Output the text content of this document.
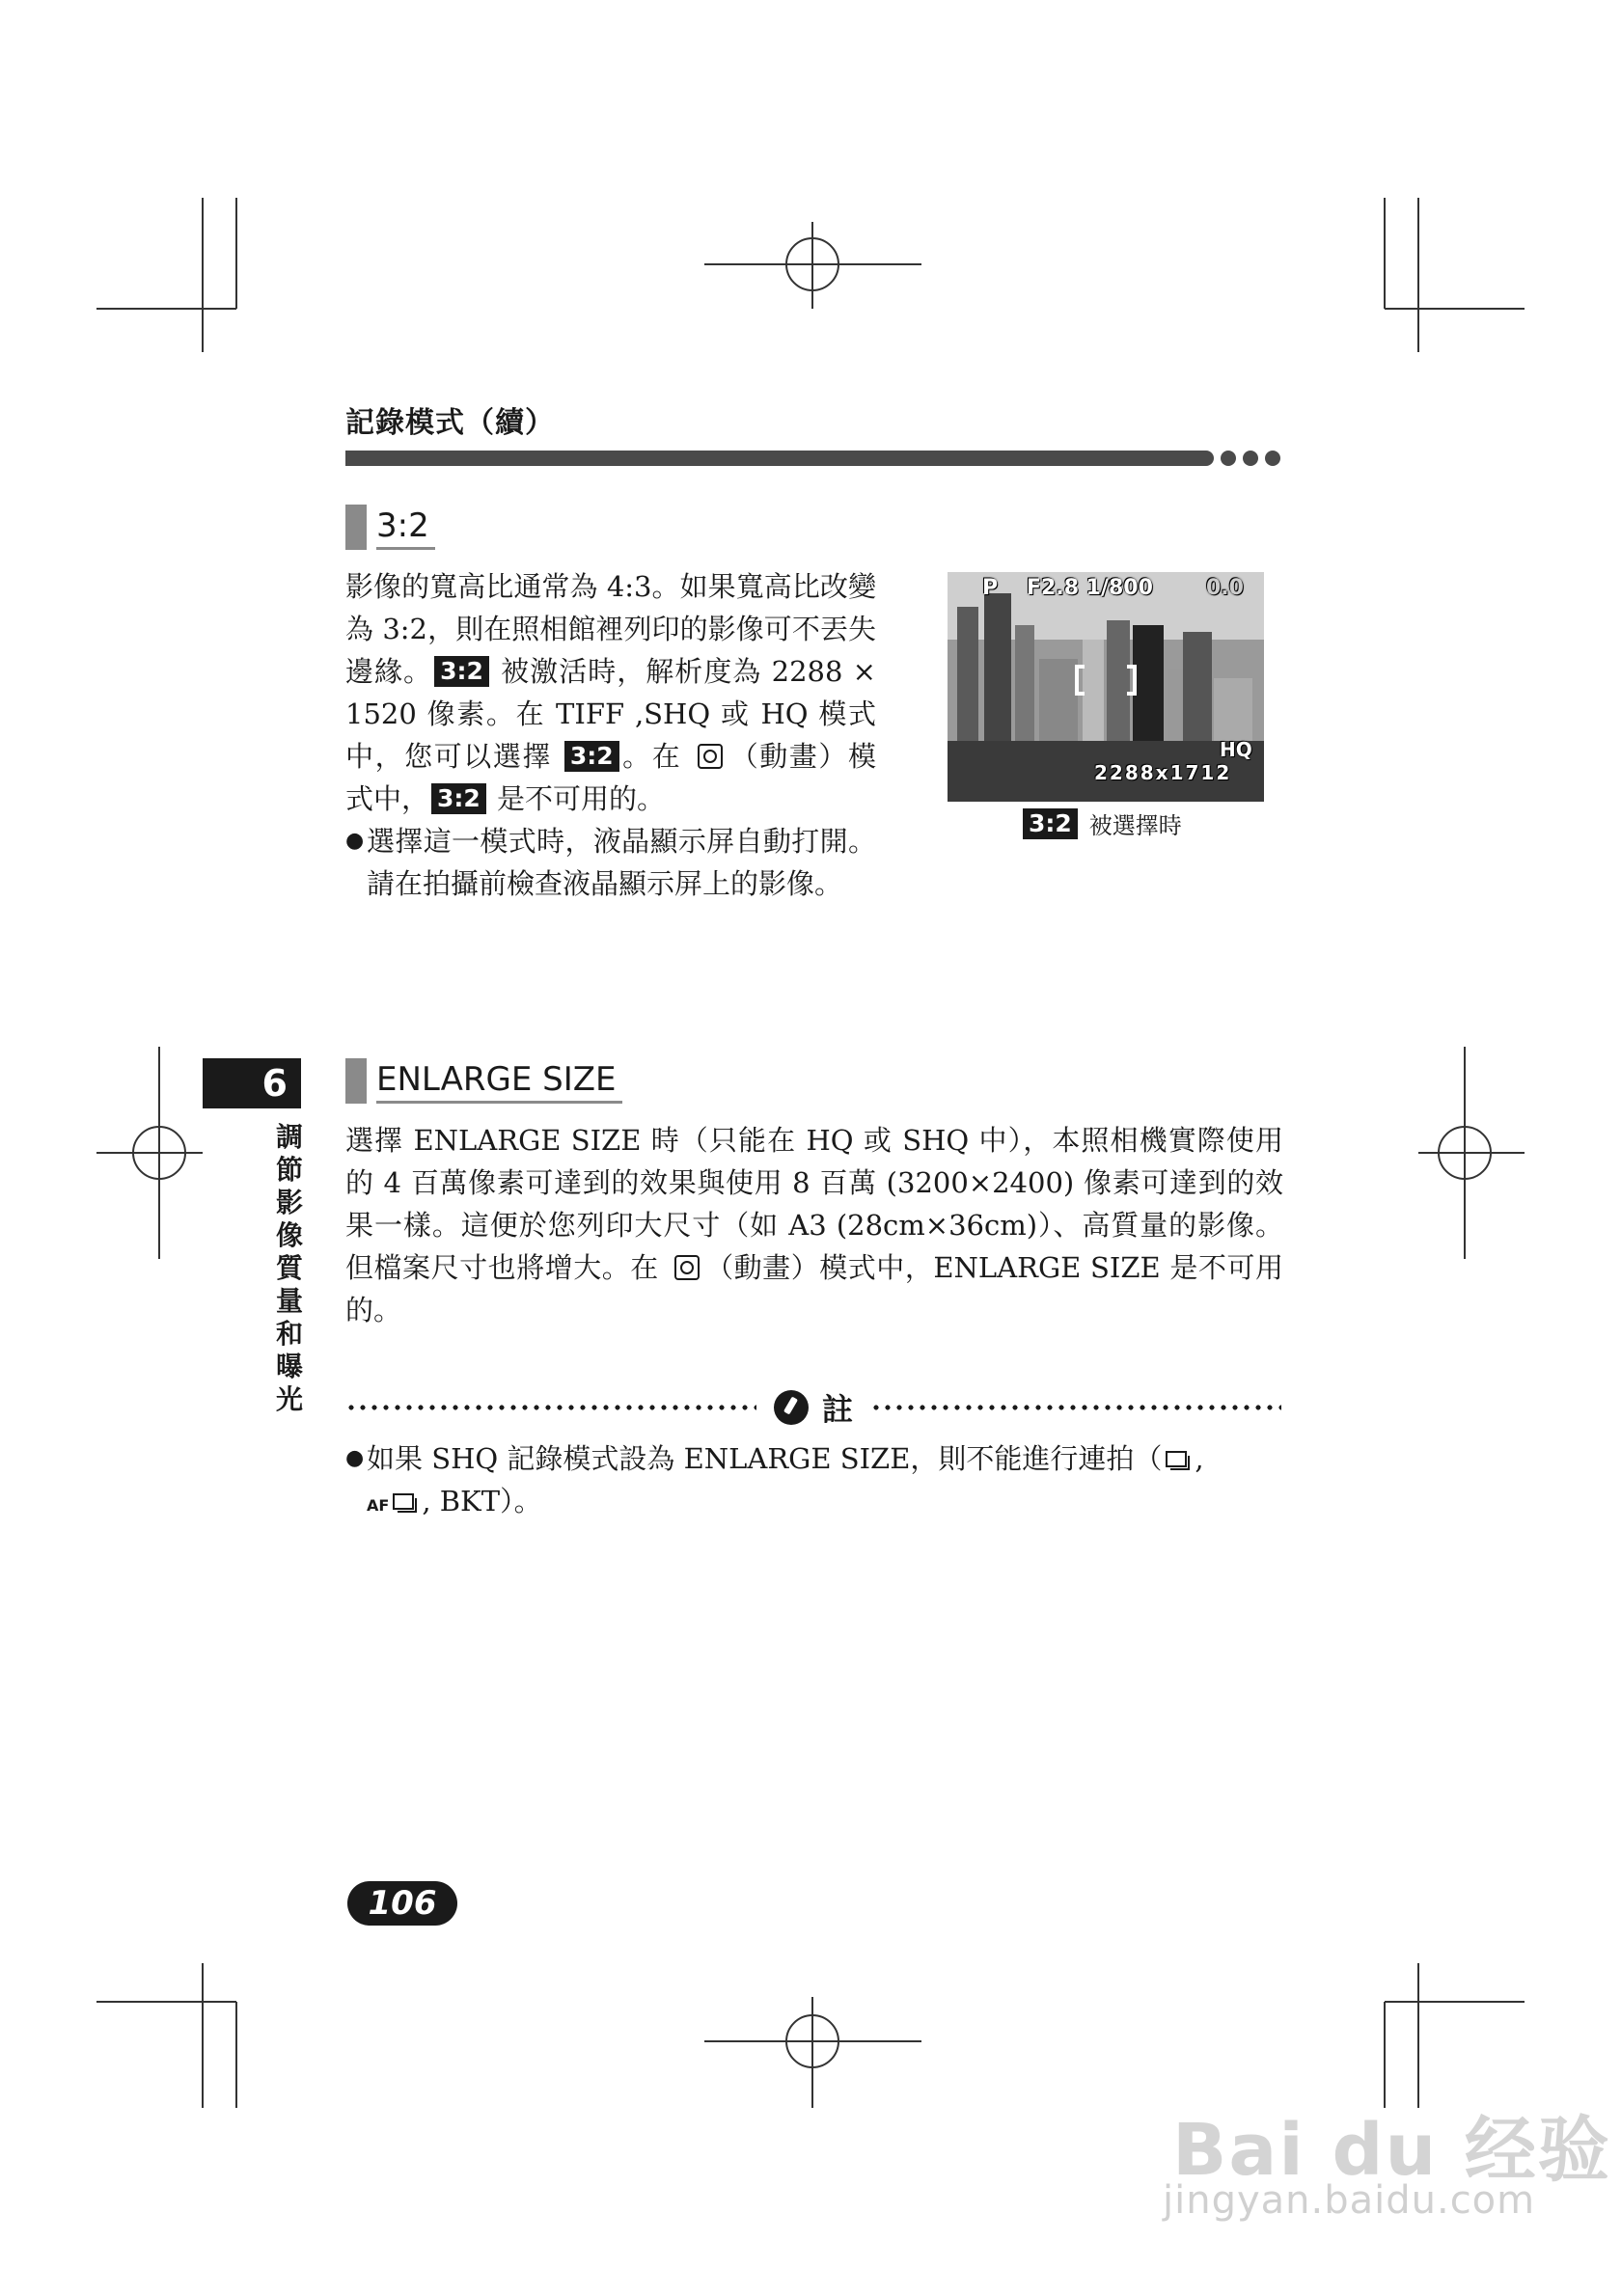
記錄模式（續）
3:2
影像的寬高比通常為 4:3。如果寬高比改變為 3:2，則在照相館裡列印的影像可不丟失邊緣。 3:2 被激活時，解析度為 2288 × 1520 像素。在 TIFF ,SHQ 或 HQ 模式中，您可以選擇 3:2 。在 （動畫）模式中， 3:2 是不可用的。
● 選擇這一模式時，液晶顯示屏自動打開。請在拍攝前檢查液晶顯示屏上的影像。
P F2.8 1/800	0.0
HQ
2288x1712
3:2 被選擇時
6
調節影像質量和曝光
ENLARGE SIZE
選擇 ENLARGE SIZE 時（只能在 HQ 或 SHQ 中），本照相機實際使用的 4 百萬像素可達到的效果與使用 8 百萬 (3200×2400) 像素可達到的效果一樣。這便於您列印大尺寸（如 A3 (28cm×36cm)）、高質量的影像。但檔案尺寸也將增大。在 （動畫）模式中，ENLARGE SIZE 是不可用的。
註
● 如果 SHQ 記錄模式設為 ENLARGE SIZE，則不能進行連拍（ ,
AF , BKT）。
106
Bai du 经验
jingyan.baidu.com
